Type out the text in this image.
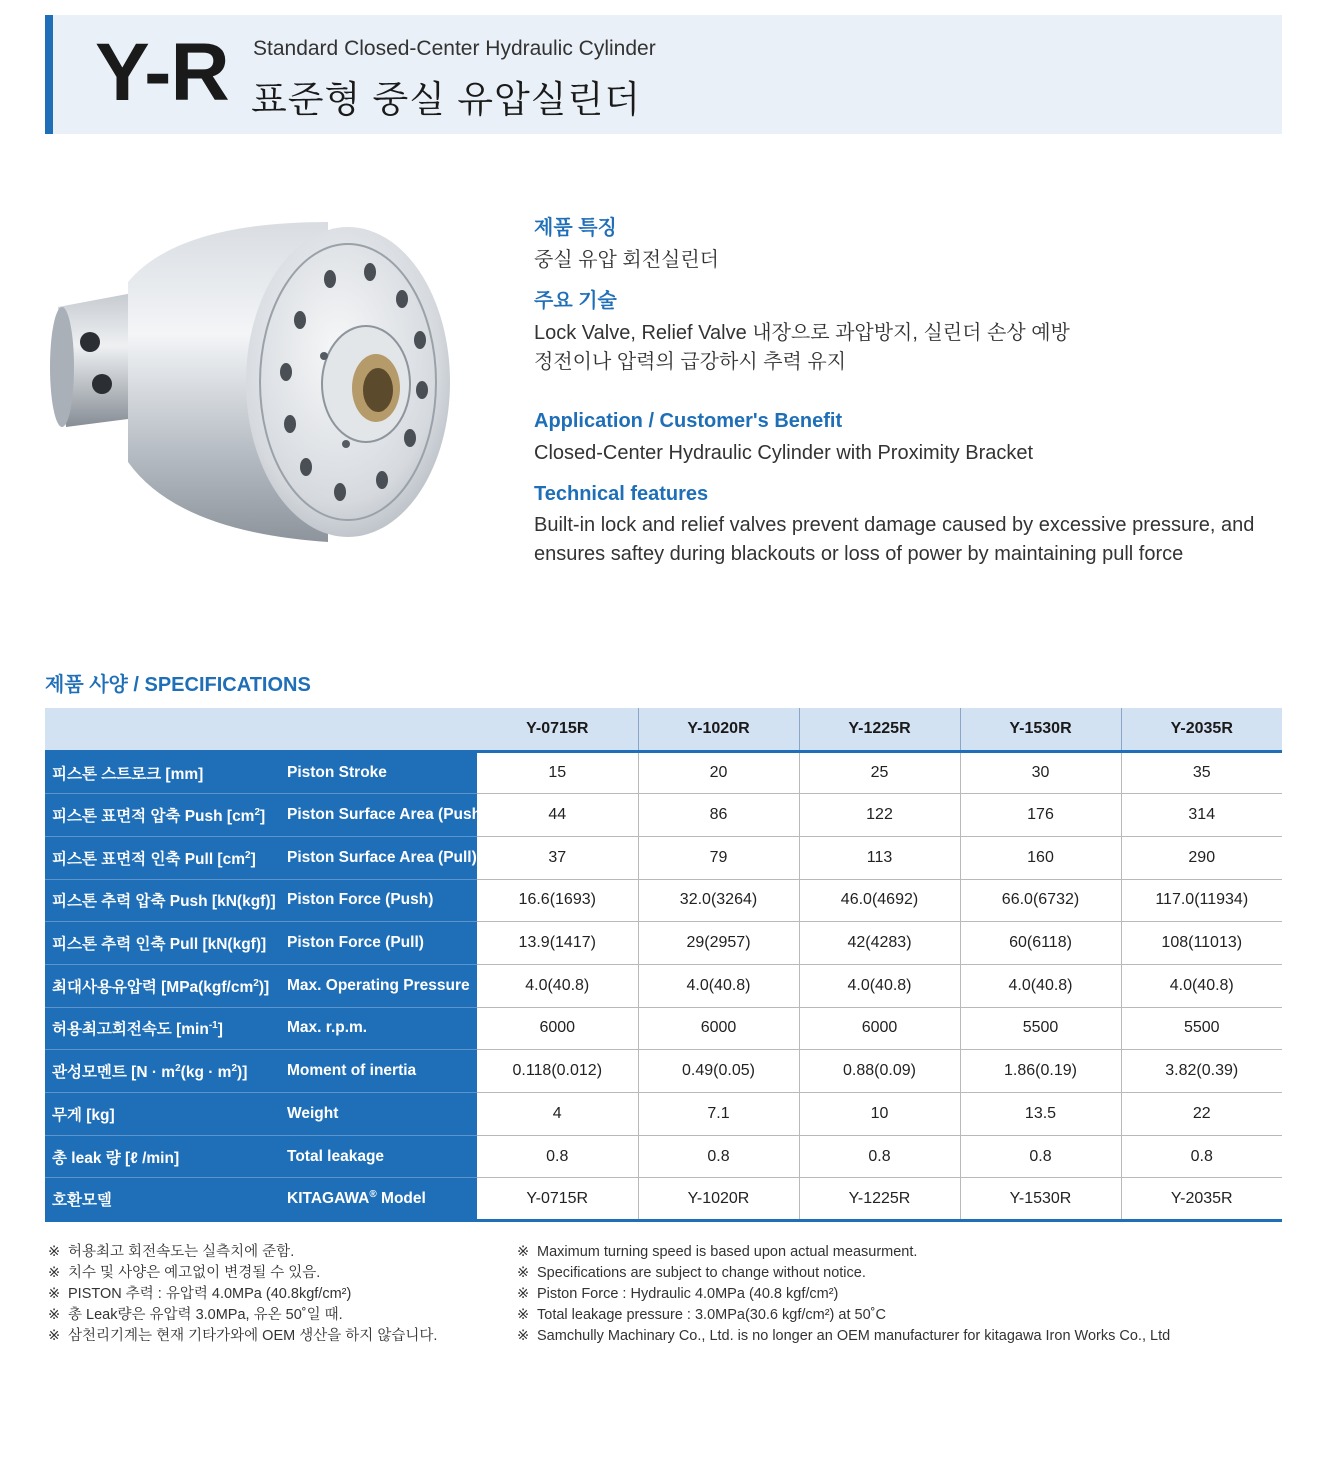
Y-R Standard Closed-Center Hydraulic Cylinder
표준형 중실 유압실린더
제품 특징
중실 유압 회전실린더
주요 기술
Lock Valve, Relief Valve 내장으로 과압방지, 실린더 손상 예방
정전이나 압력의 급강하시 추력 유지
Application / Customer's Benefit
Closed-Center Hydraulic Cylinder with Proximity Bracket
Technical features
Built-in lock and relief valves prevent damage caused by excessive pressure, and
ensures saftey during blackouts or loss of power by maintaining pull force
제품 사양 / SPECIFICATIONS
		Y-0715R	Y-1020R	Y-1225R	Y-1530R	Y-2035R
피스톤 스트로크 [mm]	Piston Stroke	15	20	25	30	35
피스톤 표면적 압축 Push $[cm^2]$	Piston Surface Area (Push)	44	86	122	176	314
피스톤 표면적 인축 Pull $[cm^2]$	Piston Surface Area (Pull)	37	79	113	160	290
피스톤 추력 압축 Push [kN(kgf)]	Piston Force (Push)	16.6(1693)	32.0(3264)	46.0(4692)	66.0(6732)	117.0(11934)
피스톤 추력 인축 Pull [kN(kgf)]	Piston Force (Pull)	13.9(1417)	29(2957)	42(4283)	60(6118)	108(11013)
최대사용유압력 $[MPa(kgf/cm^2)]$	Max. Operating Pressure	4.0(40.8)	4.0(40.8)	4.0(40.8)	4.0(40.8)	4.0(40.8)
허용최고회전속도 $[\min^{-1}]$	Max. r.p.m.	6000	6000	6000	5500	5500
관성모멘트 $[N \cdot m^2(kg \cdot m^2)]$	Moment of inertia	0.118(0.012)	0.49(0.05)	0.88(0.09)	1.86(0.19)	3.82(0.39)
무게 [kg]	Weight	4	7.1	10	13.5	22
총 leak 량 [ℓ /min]	Total leakage	0.8	0.8	0.8	0.8	0.8
호환모델	KITAGAWA® Model	Y-0715R	Y-1020R	Y-1225R	Y-1530R	Y-2035R
※ 허용최고 회전속도는 실측치에 준함.
※ 치수 및 사양은 예고없이 변경될 수 있음.
※ PISTON 추력 : 유압력 4.0MPa (40.8kgf/cm²)
※ 총 Leak량은 유압력 3.0MPa, 유온 50˚일 때.
※ 삼천리기계는 현재 기타가와에 OEM 생산을 하지 않습니다.
※ Maximum turning speed is based upon actual measurment.
※ Specifications are subject to change without notice.
※ Piston Force : Hydraulic 4.0MPa (40.8 kgf/cm²)
※ Total leakage pressure : 3.0MPa(30.6 kgf/cm²) at 50˚C
※ Samchully Machinary Co., Ltd. is no longer an OEM manufacturer for kitagawa Iron Works Co., Ltd
